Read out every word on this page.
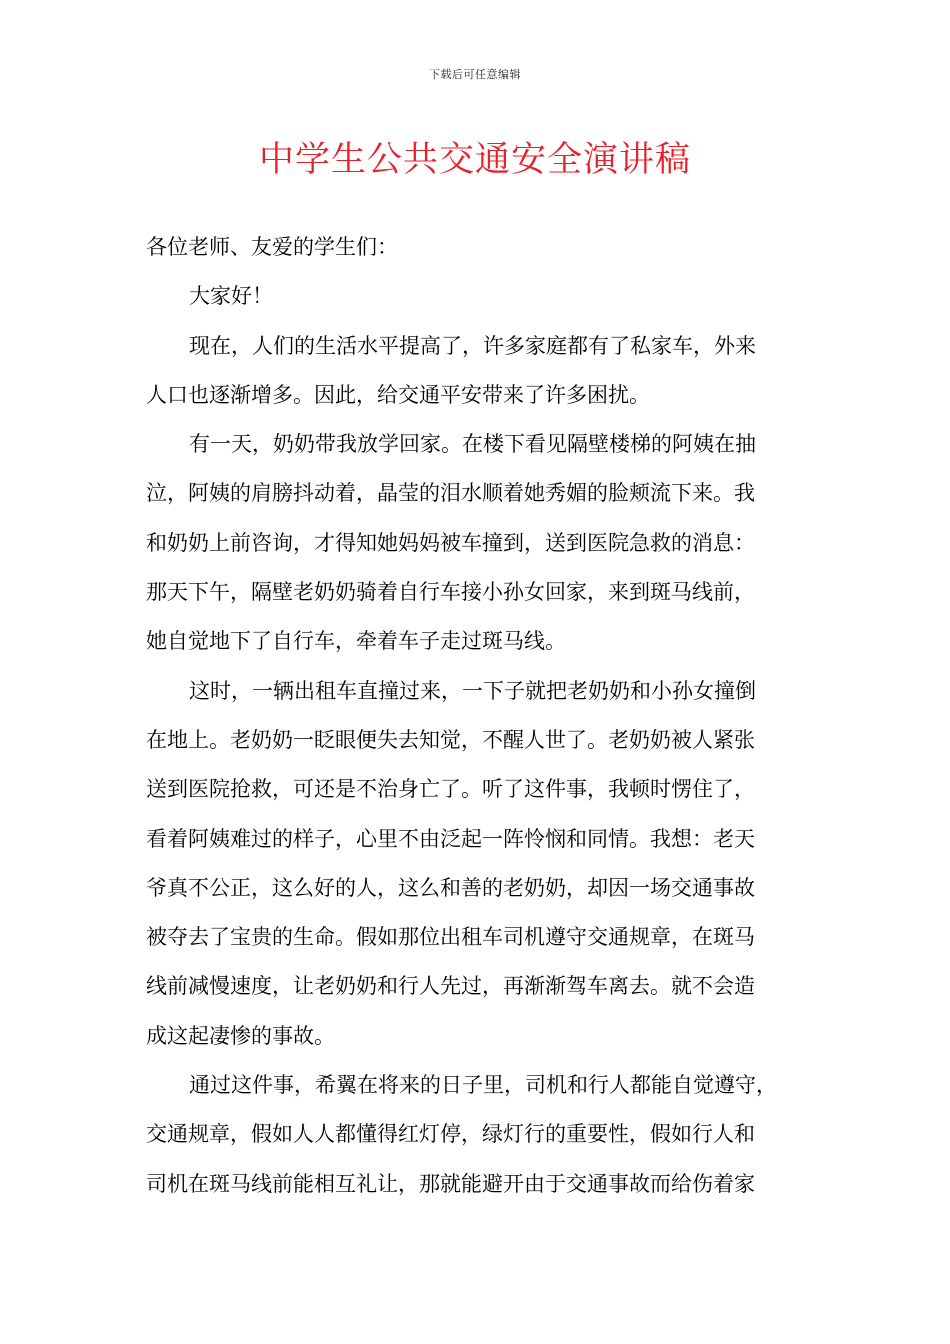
下载后可任意编辑
中学生公共交通安全演讲稿
各位老师、友爱的学生们：
大家好！
现在，人们的生活水平提高了，许多家庭都有了私家车，外来
人口也逐渐增多。因此，给交通平安带来了许多困扰。
有一天，奶奶带我放学回家。在楼下看见隔壁楼梯的阿姨在抽
泣，阿姨的肩膀抖动着，晶莹的泪水顺着她秀媚的脸颊流下来。我
和奶奶上前咨询，才得知她妈妈被车撞到，送到医院急救的消息：
那天下午，隔壁老奶奶骑着自行车接小孙女回家，来到斑马线前，
她自觉地下了自行车，牵着车子走过斑马线。
这时，一辆出租车直撞过来，一下子就把老奶奶和小孙女撞倒
在地上。老奶奶一眨眼便失去知觉，不醒人世了。老奶奶被人紧张
送到医院抢救，可还是不治身亡了。听了这件事，我顿时愣住了，
看着阿姨难过的样子，心里不由泛起一阵怜悯和同情。我想：老天
爷真不公正，这么好的人，这么和善的老奶奶，却因一场交通事故
被夺去了宝贵的生命。假如那位出租车司机遵守交通规章，在斑马
线前减慢速度，让老奶奶和行人先过，再渐渐驾车离去。就不会造
成这起凄惨的事故。
通过这件事，希翼在将来的日子里，司机和行人都能自觉遵守，
交通规章，假如人人都懂得红灯停，绿灯行的重要性，假如行人和
司机在斑马线前能相互礼让，那就能避开由于交通事故而给伤着家
